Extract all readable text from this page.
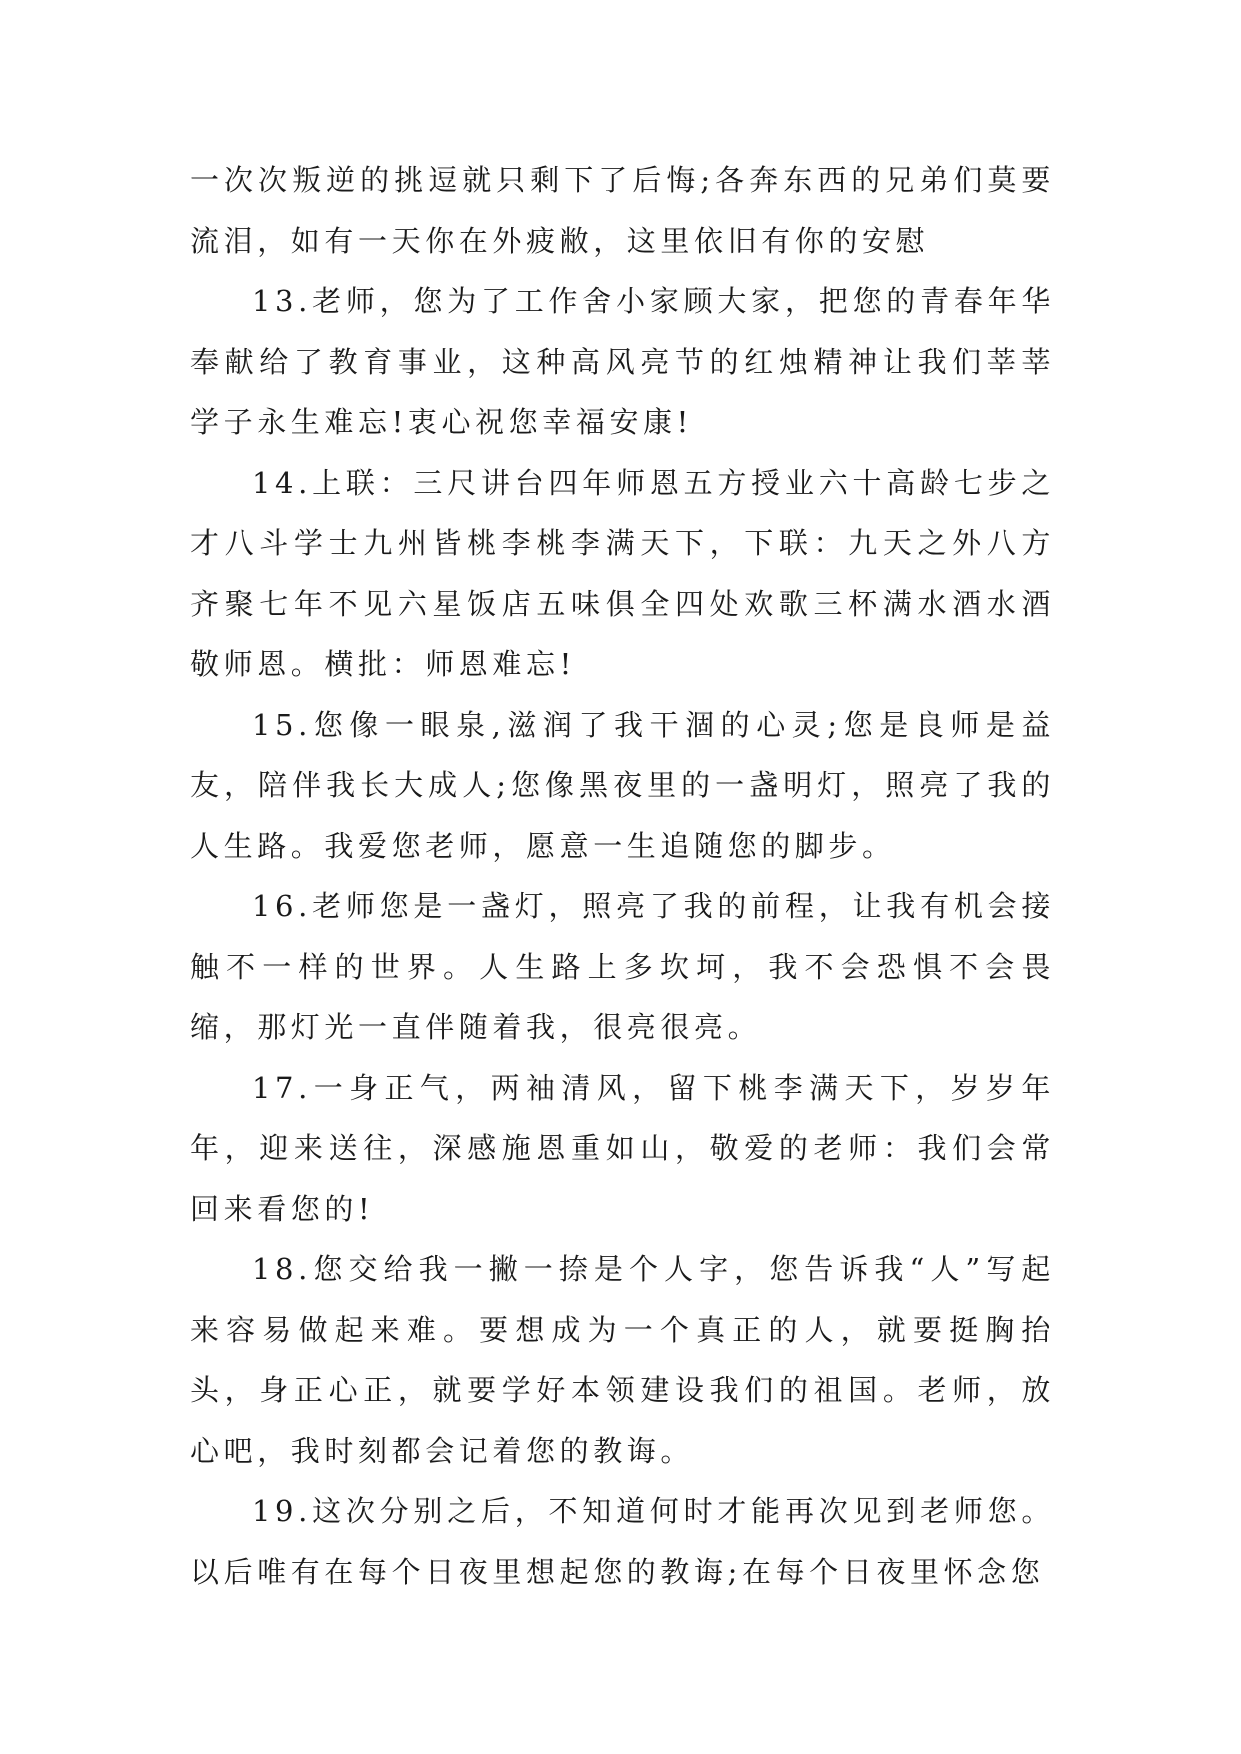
一次次叛逆的挑逗就只剩下了后悔;各奔东西的兄弟们莫要流泪，如有一天你在外疲敝，这里依旧有你的安慰

13.老师，您为了工作舍小家顾大家，把您的青春年华奉献给了教育事业，这种高风亮节的红烛精神让我们莘莘学子永生难忘!衷心祝您幸福安康!

14.上联：三尺讲台四年师恩五方授业六十高龄七步之才八斗学士九州皆桃李桃李满天下，下联：九天之外八方齐聚七年不见六星饭店五味俱全四处欢歌三杯满水酒水酒敬师恩。横批：师恩难忘!

15.您像一眼泉,滋润了我干涸的心灵;您是良师是益友，陪伴我长大成人;您像黑夜里的一盏明灯，照亮了我的人生路。我爱您老师，愿意一生追随您的脚步。

16.老师您是一盏灯，照亮了我的前程，让我有机会接触不一样的世界。人生路上多坎坷，我不会恐惧不会畏缩，那灯光一直伴随着我，很亮很亮。

17.一身正气，两袖清风，留下桃李满天下，岁岁年年，迎来送往，深感施恩重如山，敬爱的老师：我们会常回来看您的!

18.您交给我一撇一捺是个人字，您告诉我“人”写起来容易做起来难。要想成为一个真正的人，就要挺胸抬头，身正心正，就要学好本领建设我们的祖国。老师，放心吧，我时刻都会记着您的教诲。

19.这次分别之后，不知道何时才能再次见到老师您。以后唯有在每个日夜里想起您的教诲;在每个日夜里怀念您
